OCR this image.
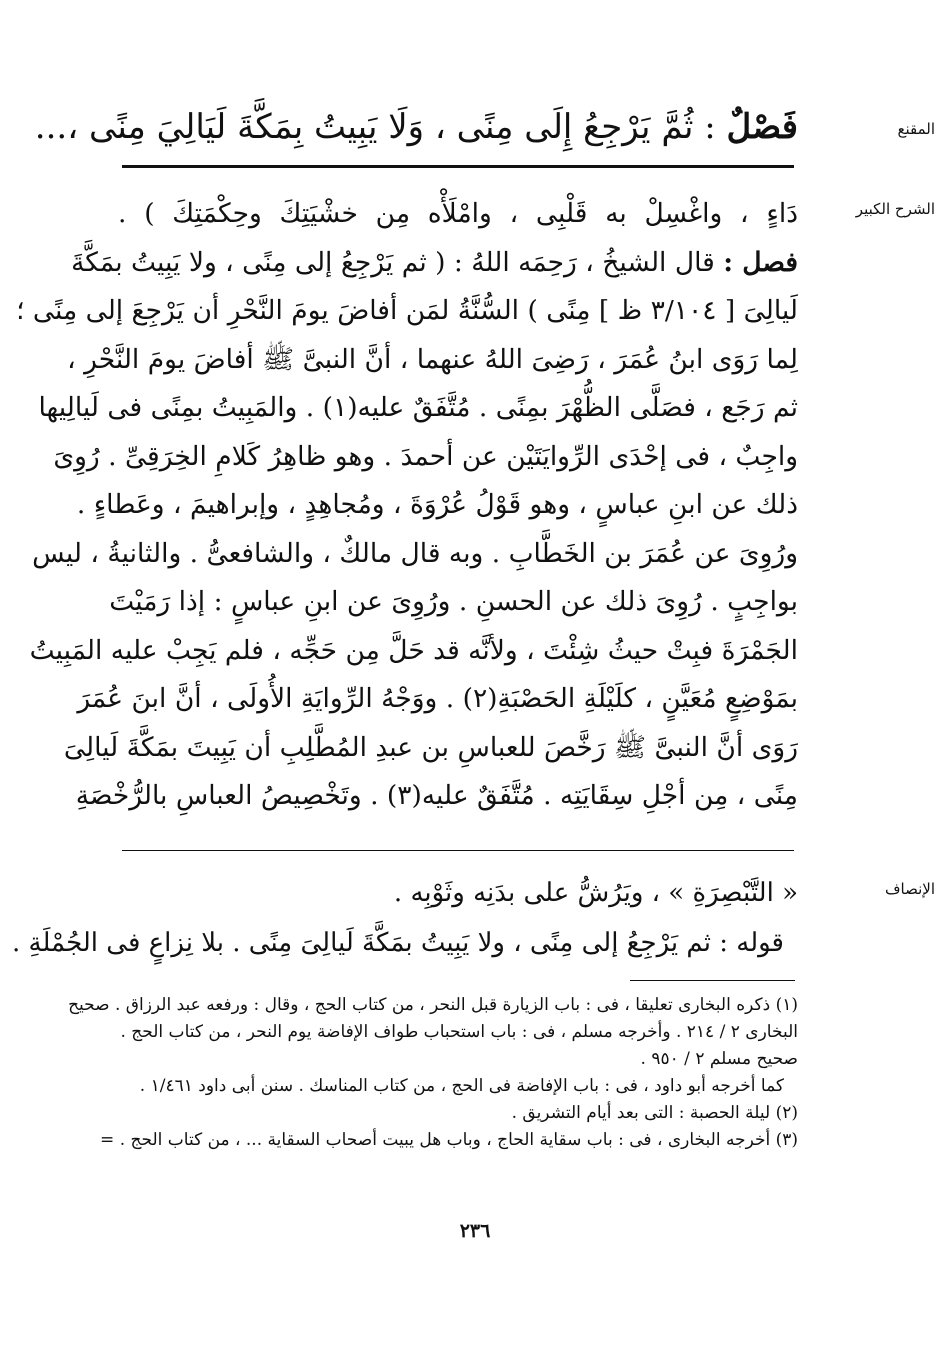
المقنع
الشرح الكبير
الإنصاف
فَصْلٌ : ثُمَّ يَرْجِعُ إِلَى مِنًى ، وَلَا يَبِيتُ بِمَكَّةَ لَيَالِيَ مِنًى ،...
دَاءٍ ، واغْسِلْ به قَلْبِى ، وامْلَأْه مِن خشْيَتِكَ وحِكْمَتِكَ ) .
فصل : قال الشيخُ ، رَحِمَه اللهُ : ( ثم يَرْجِعُ إلى مِنًى ، ولا يَبِيتُ بمَكَّةَ
لَيالِىَ [ ٣/١٠٤ ظ ] مِنًى ) السُّنَّةُ لمَن أفاضَ يومَ النَّحْرِ أن يَرْجِعَ إلى مِنًى ؛
لِما رَوَى ابنُ عُمَرَ ، رَضِىَ اللهُ عنهما ، أنَّ النبىَّ ﷺ أفاضَ يومَ النَّحْرِ ،
ثم رَجَع ، فصَلَّى الظُّهْرَ بمِنًى . مُتَّفَقٌ عليه(١) . والمَبِيتُ بمِنًى فى لَيالِيها
واجِبٌ ، فى إحْدَى الرِّوايَتَيْن عن أحمدَ . وهو ظاهِرُ كَلامِ الخِرَقِىِّ . رُوِىَ
ذلك عن ابنِ عباسٍ ، وهو قَوْلُ عُرْوَةَ ، ومُجاهِدٍ ، وإبراهيمَ ، وعَطاءٍ .
ورُوِىَ عن عُمَرَ بن الخَطَّابِ . وبه قال مالكٌ ، والشافعىُّ . والثانيةُ ، ليس
بواجِبٍ . رُوِىَ ذلك عن الحسنِ . ورُوِىَ عن ابنِ عباسٍ : إذا رَمَيْتَ
الجَمْرَةَ فبِتْ حيثُ شِئْتَ ، ولأنَّه قد حَلَّ مِن حَجِّه ، فلم يَجِبْ عليه المَبِيتُ
بمَوْضِعٍ مُعَيَّنٍ ، كلَيْلَةِ الحَصْبَةِ(٢) . ووَجْهُ الرِّوايَةِ الأُولَى ، أنَّ ابنَ عُمَرَ
رَوَى أنَّ النبىَّ ﷺ رَخَّصَ للعباسِ بن عبدِ المُطَّلِبِ أن يَبِيتَ بمَكَّةَ لَيالِىَ
مِنًى ، مِن أجْلِ سِقَايَتِه . مُتَّفَقٌ عليه(٣) . وتَخْصِيصُ العباسِ بالرُّخْصَةِ
« التَّبْصِرَةِ » ، ويَرُشُّ على بدَنِه وثَوْبِه .
قوله : ثم يَرْجِعُ إلى مِنًى ، ولا يَبِيتُ بمَكَّةَ لَيالِىَ مِنًى . بلا نِزاعٍ فى الجُمْلَةِ .
(١) ذكره البخارى تعليقا ، فى : باب الزيارة قبل النحر ، من كتاب الحج ، وقال : ورفعه عبد الرزاق . صحيح
البخارى ٢ / ٢١٤ . وأخرجه مسلم ، فى : باب استحباب طواف الإفاضة يوم النحر ، من كتاب الحج .
صحيح مسلم ٢ / ٩٥٠ .
كما أخرجه أبو داود ، فى : باب الإفاضة فى الحج ، من كتاب المناسك . سنن أبى داود ١/٤٦١ .
(٢) ليلة الحصبة : التى بعد أيام التشريق .
(٣) أخرجه البخارى ، فى : باب سقاية الحاج ، وباب هل يبيت أصحاب السقاية ... ، من كتاب الحج . =
٢٣٦
